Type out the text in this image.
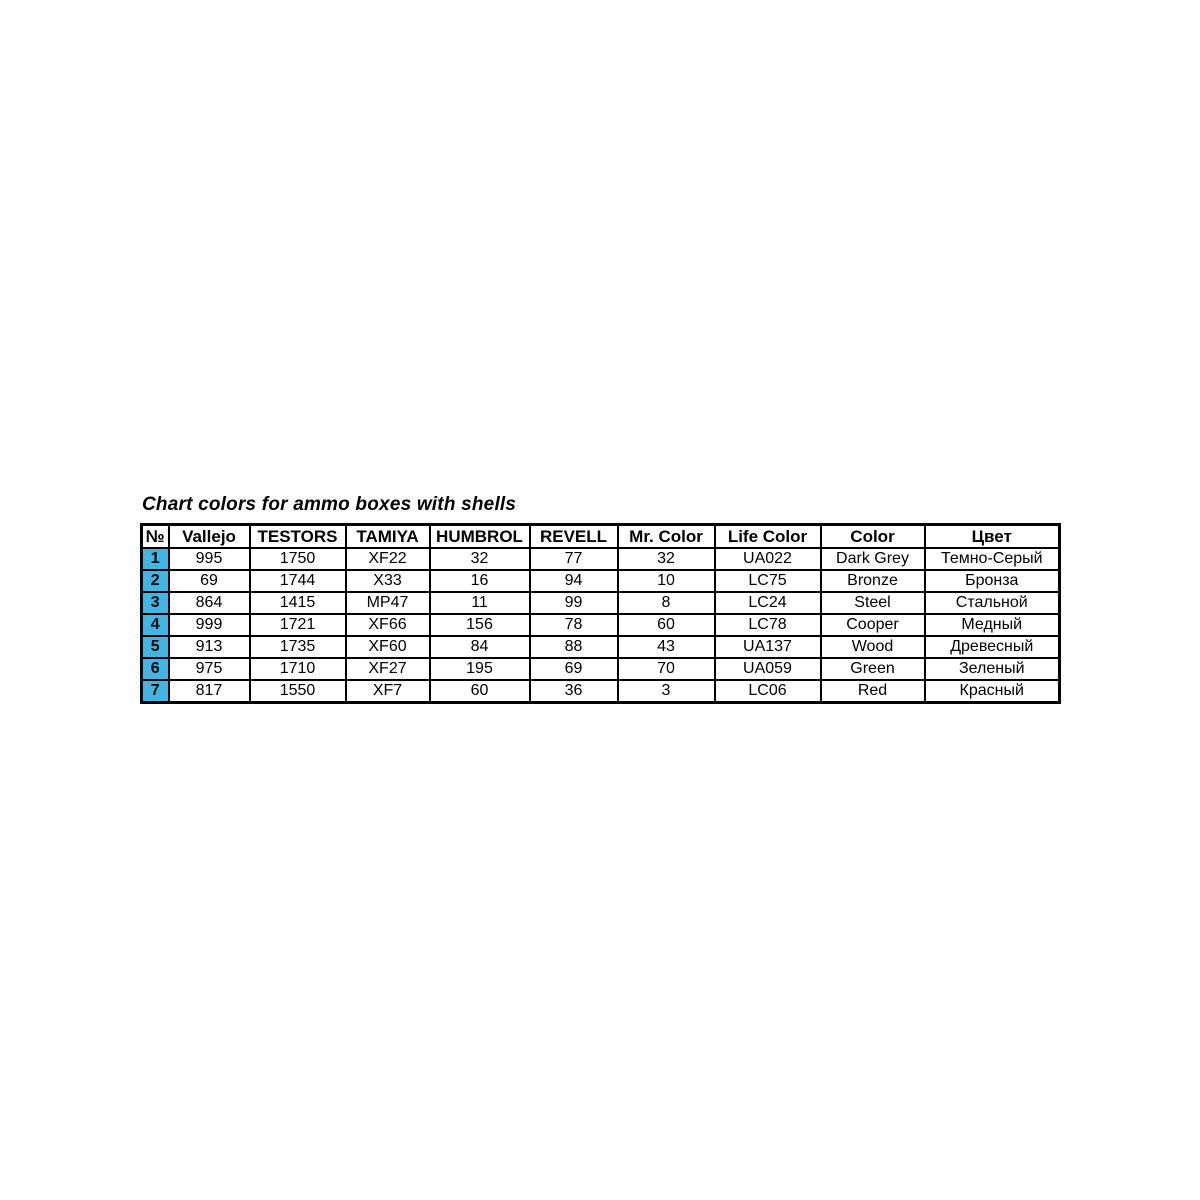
Chart colors for ammo boxes with shells
№	Vallejo	TESTORS	TAMIYA	HUMBROL	REVELL	Mr. Color	Life Color	Color	Цвет
1	995	1750	XF22	32	77	32	UA022	Dark Grey	Темно-Серый
2	69	1744	X33	16	94	10	LC75	Bronze	Бронза
3	864	1415	MP47	11	99	8	LC24	Steel	Стальной
4	999	1721	XF66	156	78	60	LC78	Cooper	Медный
5	913	1735	XF60	84	88	43	UA137	Wood	Древесный
6	975	1710	XF27	195	69	70	UA059	Green	Зеленый
7	817	1550	XF7	60	36	3	LC06	Red	Красный
